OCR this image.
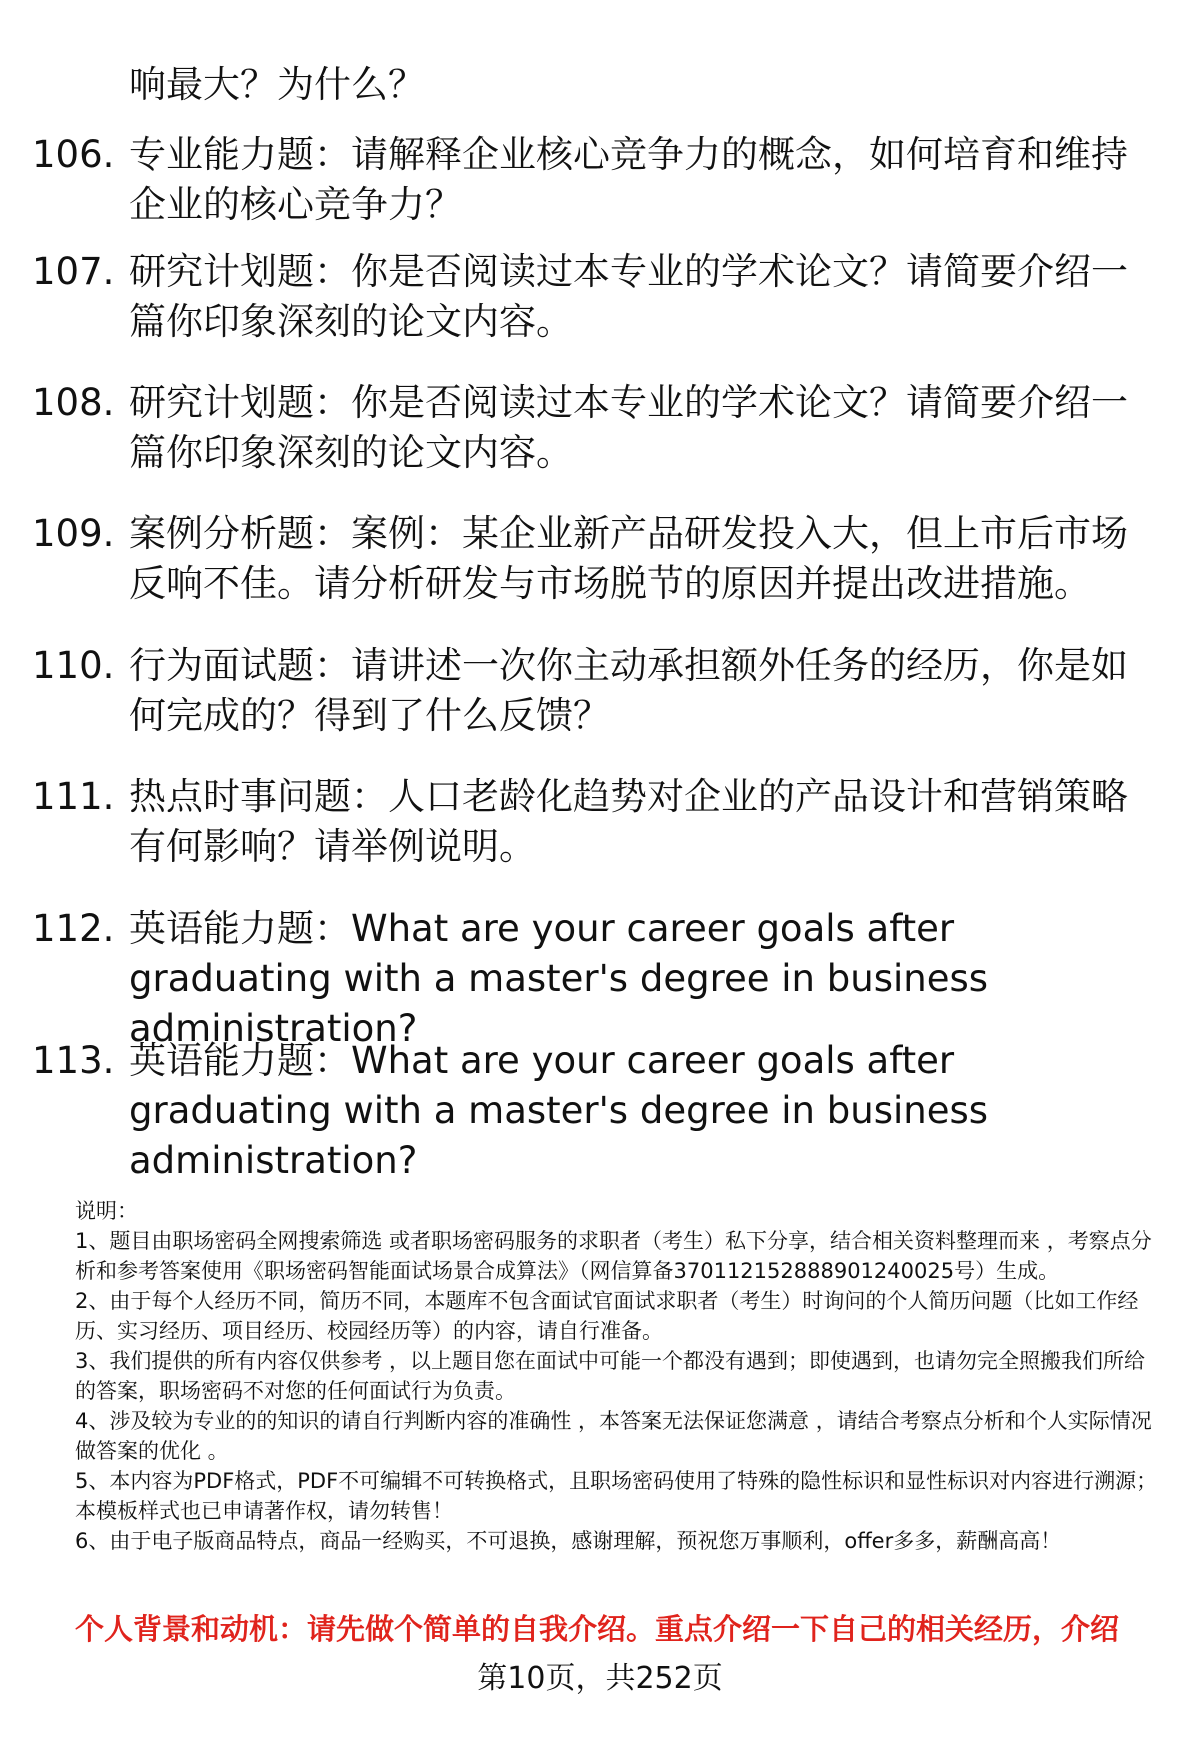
响最大？为什么？

106. 专业能力题：请解释企业核心竞争力的概念，如何培育和维持企业的核心竞争力？

107. 研究计划题：你是否阅读过本专业的学术论文？请简要介绍一篇你印象深刻的论文内容。

108. 研究计划题：你是否阅读过本专业的学术论文？请简要介绍一篇你印象深刻的论文内容。

109. 案例分析题：案例：某企业新产品研发投入大，但上市后市场反响不佳。请分析研发与市场脱节的原因并提出改进措施。

110. 行为面试题：请讲述一次你主动承担额外任务的经历，你是如何完成的？得到了什么反馈？

111. 热点时事问题：人口老龄化趋势对企业的产品设计和营销策略有何影响？请举例说明。

112. 英语能力题：What are your career goals after graduating with a master's degree in business administration?

113. 英语能力题：What are your career goals after graduating with a master's degree in business administration?

说明：

1、题目由职场密码全网搜索筛选 或者职场密码服务的求职者（考生）私下分享，结合相关资料整理而来 ，考察点分析和参考答案使用《职场密码智能面试场景合成算法》（网信算备370112152888901240025号）生成。

2、由于每个人经历不同，简历不同，本题库不包含面试官面试求职者（考生）时询问的个人简历问题（比如工作经历、实习经历、项目经历、校园经历等）的内容，请自行准备。

3、我们提供的所有内容仅供参考 ，以上题目您在面试中可能一个都没有遇到；即使遇到，也请勿完全照搬我们所给的答案，职场密码不对您的任何面试行为负责。

4、涉及较为专业的的知识的请自行判断内容的准确性 ，本答案无法保证您满意 ，请结合考察点分析和个人实际情况做答案的优化 。

5、本内容为PDF格式，PDF不可编辑不可转换格式，且职场密码使用了特殊的隐性标识和显性标识对内容进行溯源；本模板样式也已申请著作权，请勿转售！

6、由于电子版商品特点，商品一经购买，不可退换，感谢理解，预祝您万事顺利，offer多多，薪酬高高！

个人背景和动机：请先做个简单的自我介绍。重点介绍一下自己的相关经历，介绍
第10页，共252页
